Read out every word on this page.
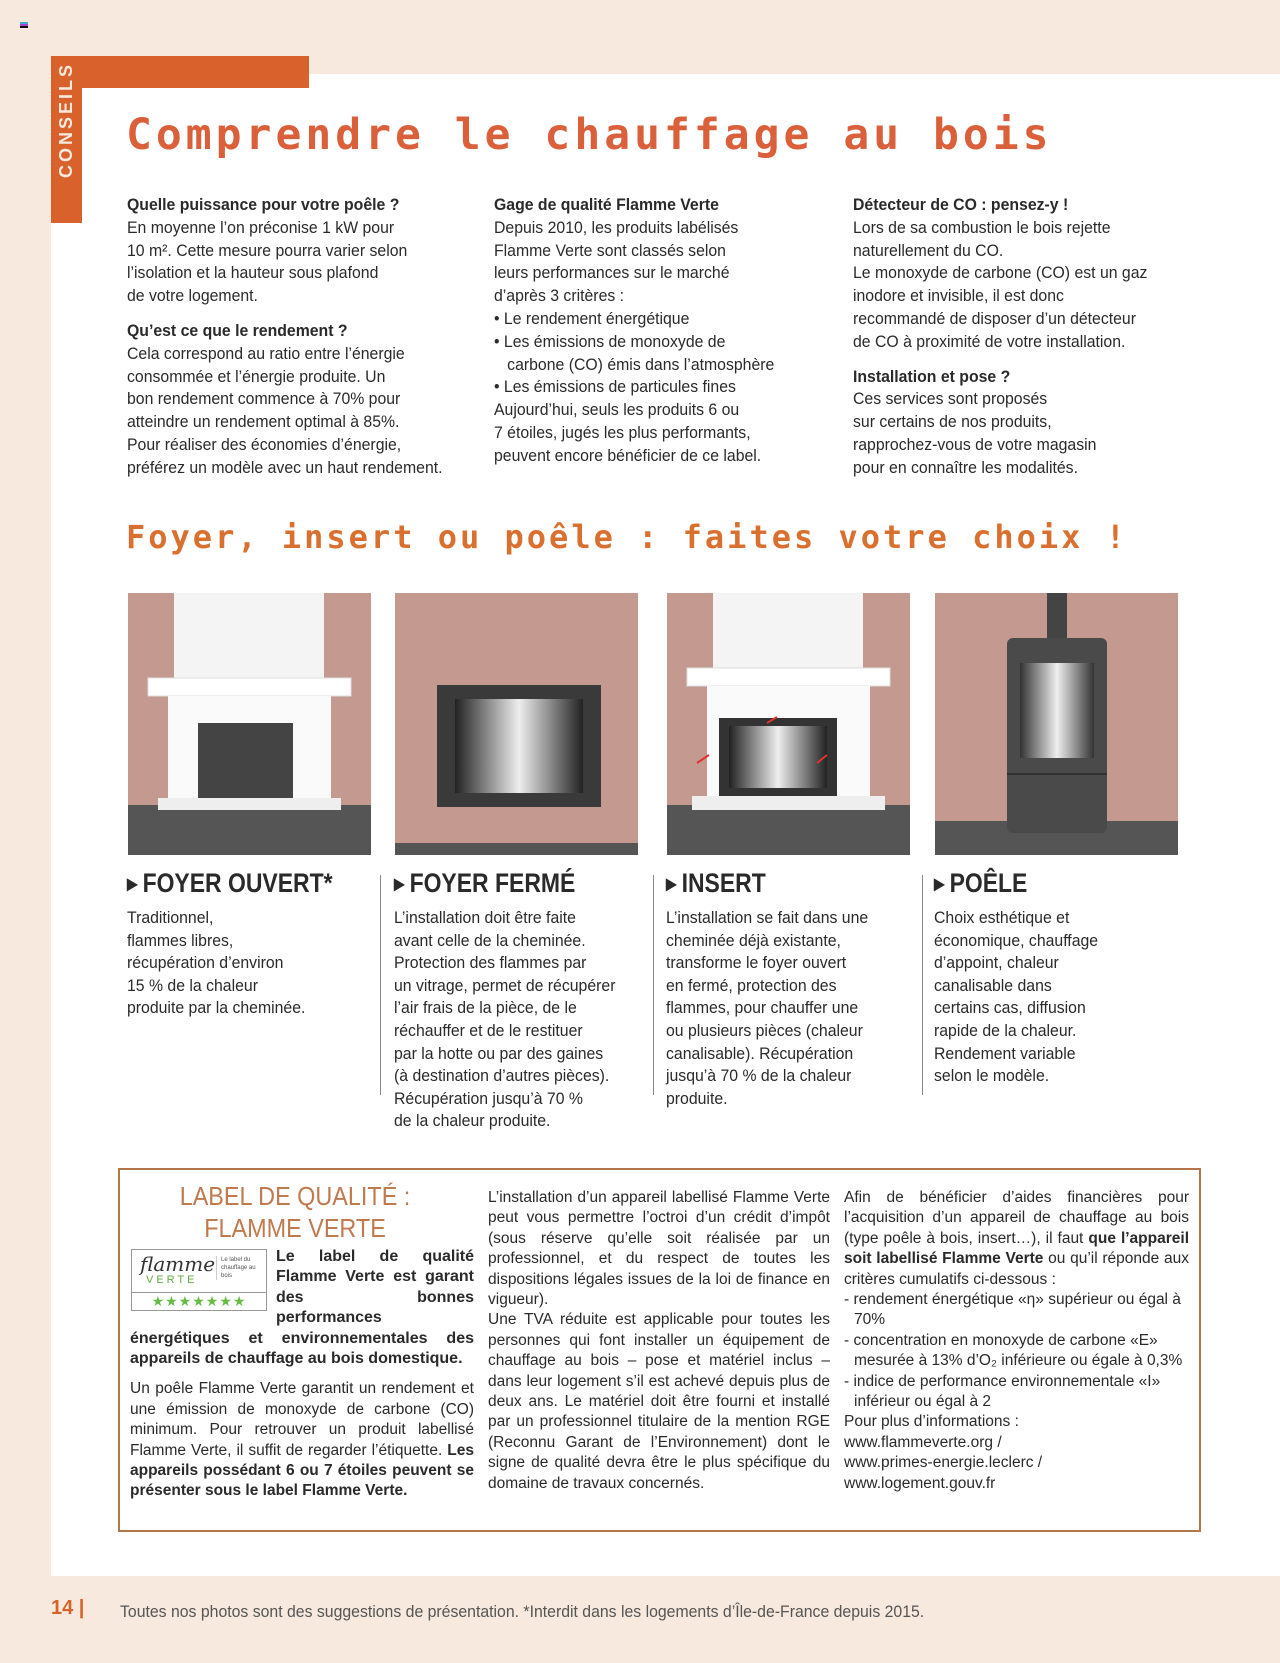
CONSEILS Comprendre le chauffage au bois
Quelle puissance pour votre poêle ?

En moyenne l’on préconise 1 kW pour
10 m². Cette mesure pourra varier selon
l’isolation et la hauteur sous plafond
de votre logement.

Qu’est ce que le rendement ?

Cela correspond au ratio entre l’énergie
consommée et l’énergie produite. Un
bon rendement commence à 70% pour
atteindre un rendement optimal à 85%.
Pour réaliser des économies d’énergie,
préférez un modèle avec un haut rendement.

Gage de qualité Flamme Verte

Depuis 2010, les produits labélisés
Flamme Verte sont classés selon
leurs performances sur le marché
d’après 3 critères :
• Le rendement énergétique
• Les émissions de monoxyde de
carbone (CO) émis dans l’atmosphère
• Les émissions de particules fines
Aujourd’hui, seuls les produits 6 ou
7 étoiles, jugés les plus performants,
peuvent encore bénéficier de ce label.

Détecteur de CO : pensez-y !

Lors de sa combustion le bois rejette
naturellement du CO.
Le monoxyde de carbone (CO) est un gaz
inodore et invisible, il est donc
recommandé de disposer d’un détecteur
de CO à proximité de votre installation.

Installation et pose ?

Ces services sont proposés
sur certains de nos produits,
rapprochez-vous de votre magasin
pour en connaître les modalités.

Foyer, insert ou poêle : faites votre choix !
▶ FOYER OUVERT*

Traditionnel,
flammes libres,
récupération d’environ
15 % de la chaleur
produite par la cheminée.

▶ FOYER FERMÉ

L’installation doit être faite
avant celle de la cheminée.
Protection des flammes par
un vitrage, permet de récupérer
l’air frais de la pièce, de le
réchauffer et de le restituer
par la hotte ou par des gaines
(à destination d’autres pièces).
Récupération jusqu’à 70 %
de la chaleur produite.

▶ INSERT

L’installation se fait dans une
cheminée déjà existante,
transforme le foyer ouvert
en fermé, protection des
flammes, pour chauffer une
ou plusieurs pièces (chaleur
canalisable). Récupération
jusqu’à 70 % de la chaleur
produite.

▶ POÊLE

Choix esthétique et
économique, chauffage
d’appoint, chaleur
canalisable dans
certains cas, diffusion
rapide de la chaleur.
Rendement variable
selon le modèle.

LABEL DE QUALITÉ :
FLAMME VERTE
flamme
VERTE
Le label du chauffage au bois
★★★★★★★
Le label de qualité Flamme Verte est garant des bonnes performances énergétiques et environnementales des appareils de chauffage au bois domestique.
Un poêle Flamme Verte garantit un rendement et une émission de monoxyde de carbone (CO) minimum. Pour retrouver un produit labellisé Flamme Verte, il suffit de regarder l’étiquette. Les appareils possédant 6 ou 7 étoiles peuvent se présenter sous le label Flamme Verte.
L’installation d’un appareil labellisé Flamme Verte peut vous permettre l’octroi d’un crédit d’impôt (sous réserve qu’elle soit réalisée par un professionnel, et du respect de toutes les dispositions légales issues de la loi de finance en vigueur).
Une TVA réduite est applicable pour toutes les personnes qui font installer un équipement de chauffage au bois – pose et matériel inclus – dans leur logement s’il est achevé depuis plus de deux ans. Le matériel doit être fourni et installé par un professionnel titulaire de la mention RGE (Reconnu Garant de l’Environnement) dont le signe de qualité devra être le plus spécifique du domaine de travaux concernés.
Afin de bénéficier d’aides financières pour l’acquisition d’un appareil de chauffage au bois (type poêle à bois, insert…), il faut que l’appareil soit labellisé Flamme Verte ou qu’il réponde aux critères cumulatifs ci-dessous :
- rendement énergétique «η» supérieur ou égal à 70%
- concentration en monoxyde de carbone «E» mesurée à 13% d’O₂ inférieure ou égale à 0,3%
- indice de performance environnementale «I» inférieur ou égal à 2
Pour plus d’informations :
www.flammeverte.org /
www.primes-energie.leclerc /
www.logement.gouv.fr
14 | Toutes nos photos sont des suggestions de présentation. *Interdit dans les logements d’Île-de-France depuis 2015.
